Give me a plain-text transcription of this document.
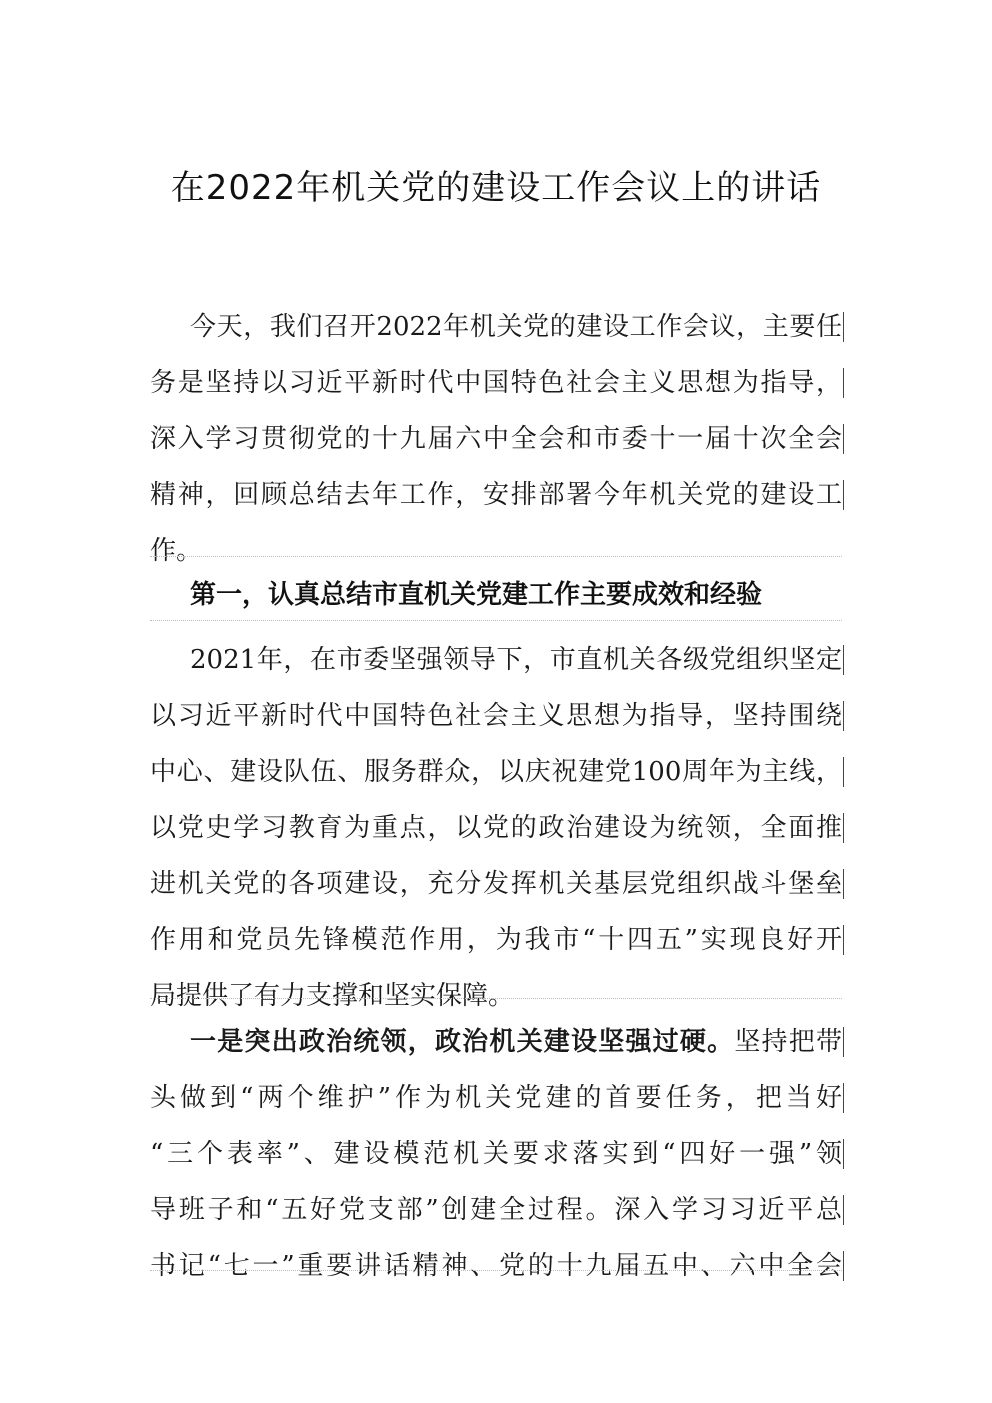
在2022年机关党的建设工作会议上的讲话
今天，我们召开2022年机关党的建设工作会议，主要任
务是坚持以习近平新时代中国特色社会主义思想为指导，
深入学习贯彻党的十九届六中全会和市委十一届十次全会
精神，回顾总结去年工作，安排部署今年机关党的建设工
作。
第一，认真总结市直机关党建工作主要成效和经验
2021年，在市委坚强领导下，市直机关各级党组织坚定
以习近平新时代中国特色社会主义思想为指导，坚持围绕
中心、建设队伍、服务群众，以庆祝建党100周年为主线，
以党史学习教育为重点，以党的政治建设为统领，全面推
进机关党的各项建设，充分发挥机关基层党组织战斗堡垒
作用和党员先锋模范作用，为我市“十四五”实现良好开
局提供了有力支撑和坚实保障。
一是突出政治统领，政治机关建设坚强过硬。坚持把带
头做到“两个维护”作为机关党建的首要任务，把当好
“三个表率”、建设模范机关要求落实到“四好一强”领
导班子和“五好党支部”创建全过程。深入学习习近平总
书记“七一”重要讲话精神、党的十九届五中、六中全会
